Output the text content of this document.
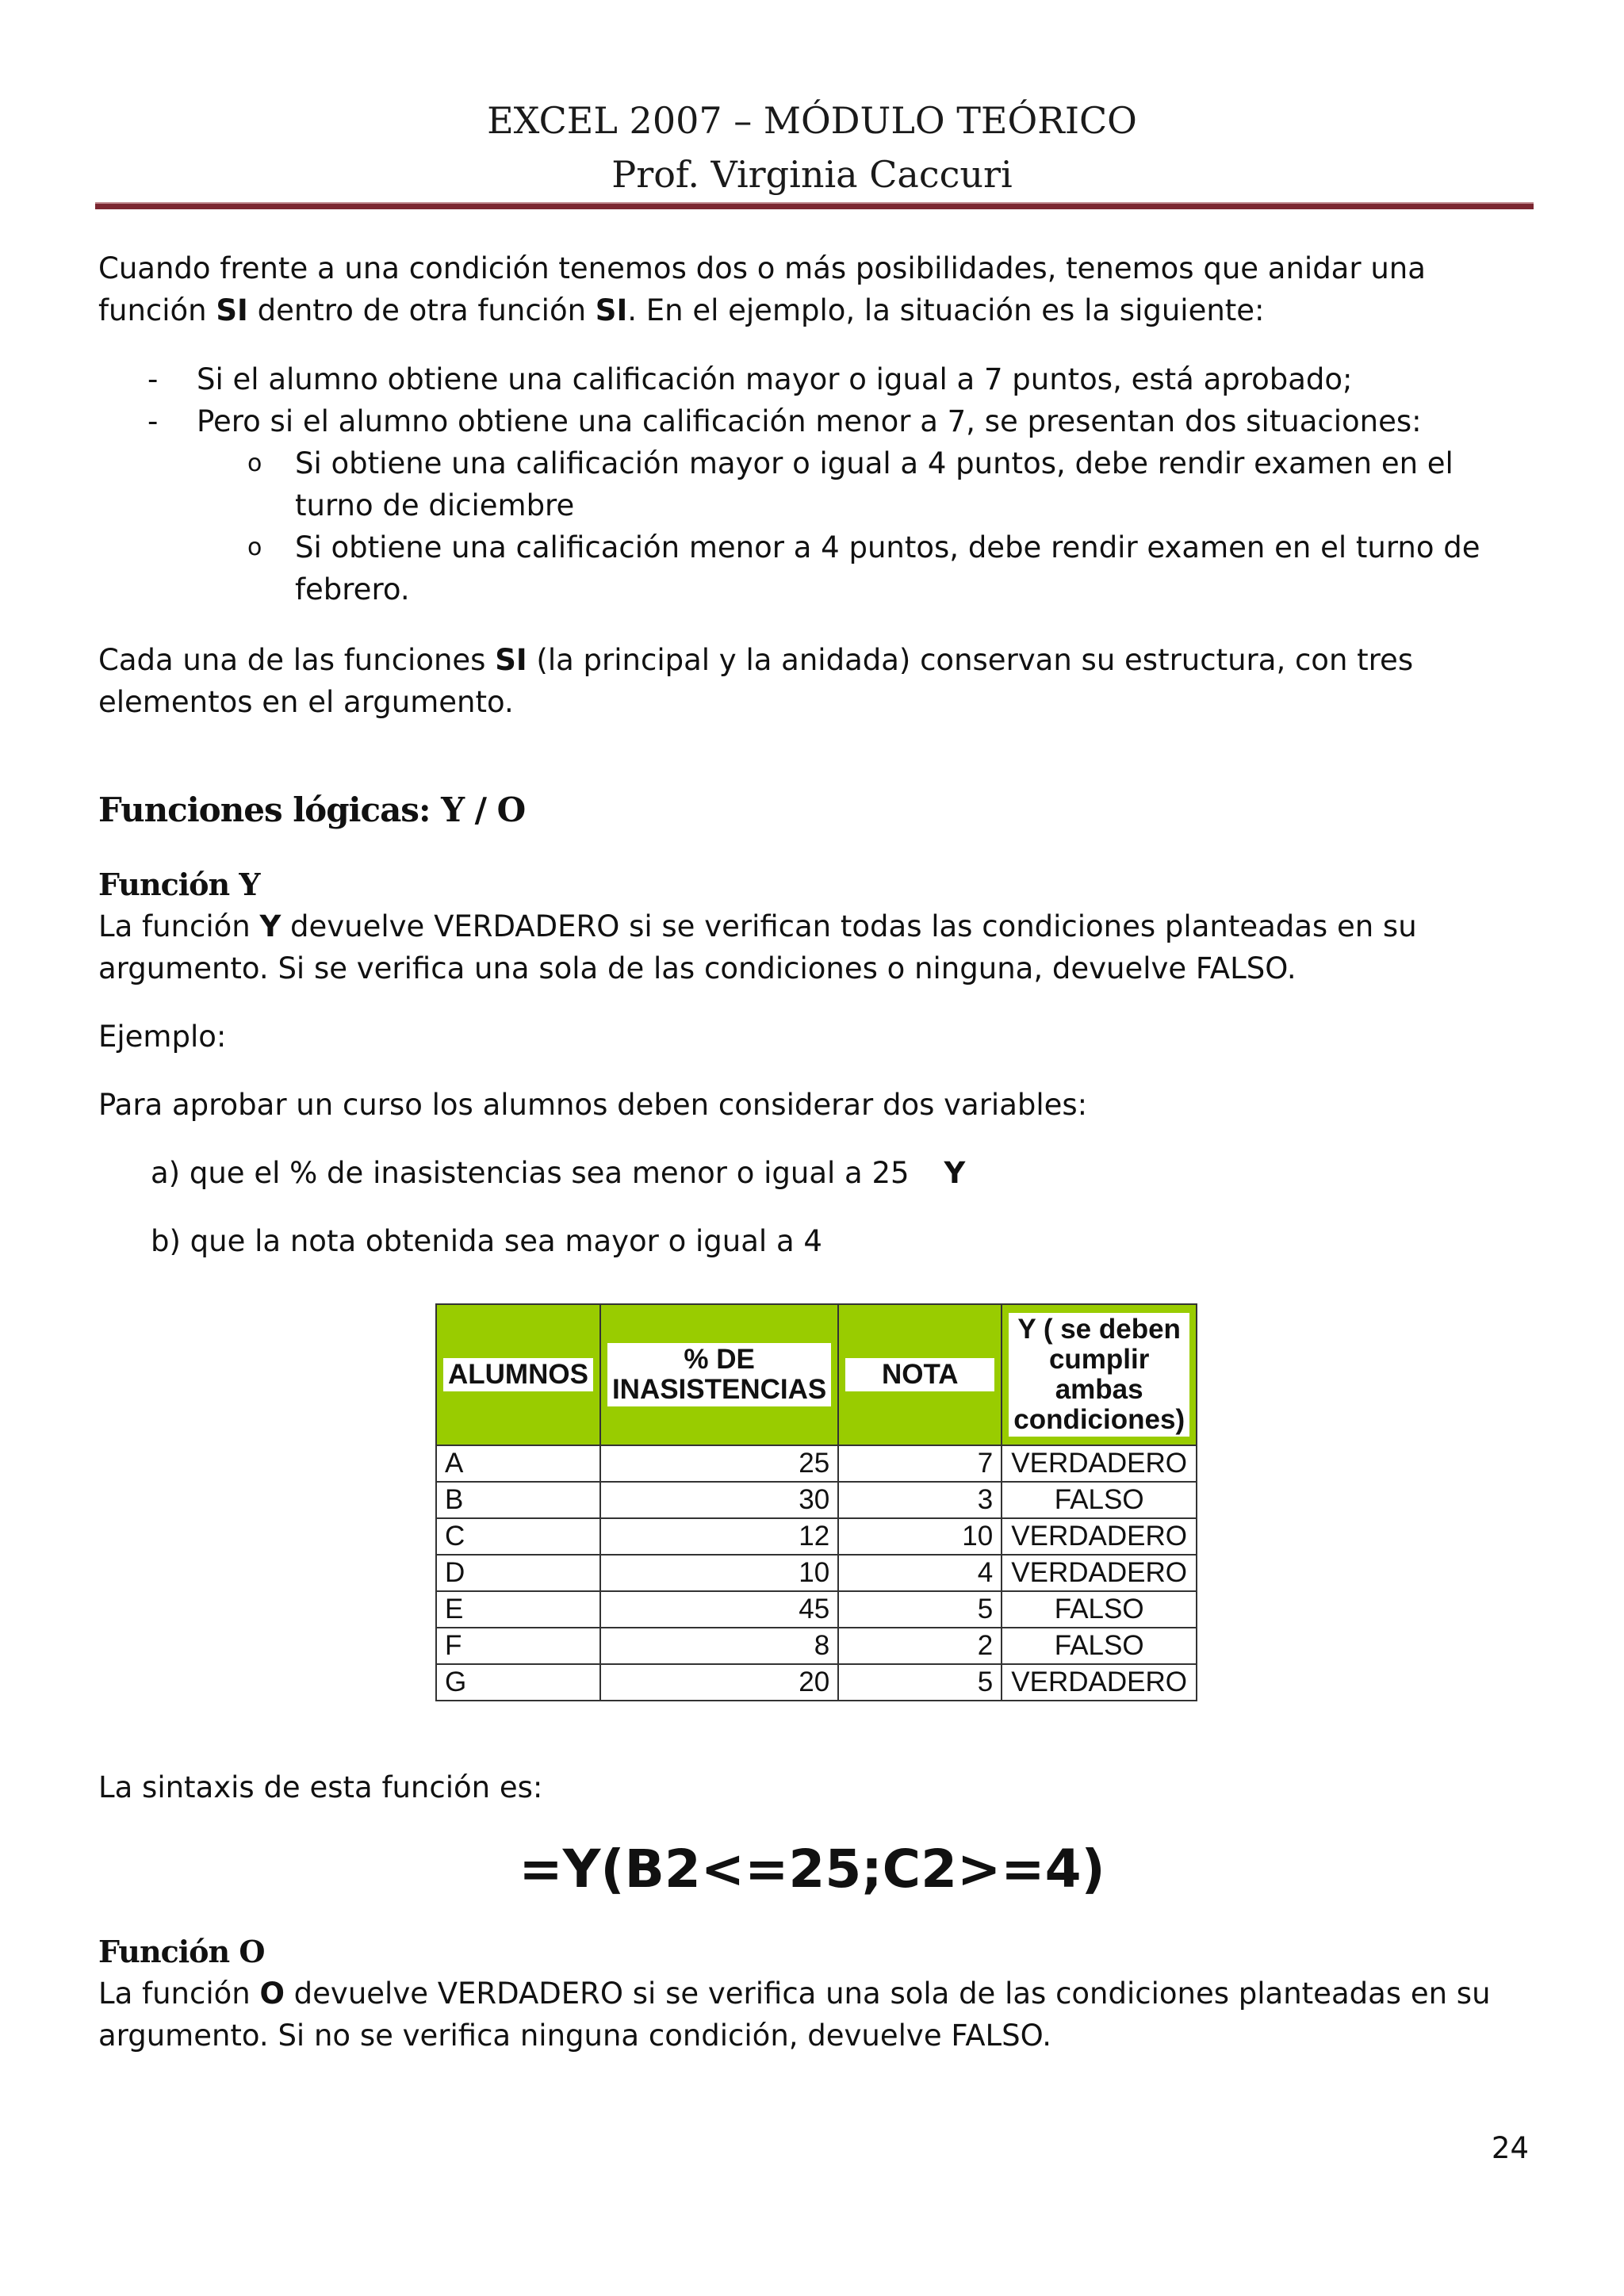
EXCEL 2007 – MÓDULO TEÓRICO
Prof. Virginia Caccuri

Cuando frente a una condición tenemos dos o más posibilidades, tenemos que anidar una función SI dentro de otra función SI. En el ejemplo, la situación es la siguiente:

- Si el alumno obtiene una calificación mayor o igual a 7 puntos, está aprobado;
- Pero si el alumno obtiene una calificación menor a 7, se presentan dos situaciones:
o Si obtiene una calificación mayor o igual a 4 puntos, debe rendir examen en el turno de diciembre
o Si obtiene una calificación menor a 4 puntos, debe rendir examen en el turno de febrero.

Cada una de las funciones SI (la principal y la anidada) conservan su estructura, con tres elementos en el argumento.

Funciones lógicas: Y / O
Función Y

La función Y devuelve VERDADERO si se verifican todas las condiciones planteadas en su argumento. Si se verifica una sola de las condiciones o ninguna, devuelve FALSO.

Ejemplo:

Para aprobar un curso los alumnos deben considerar dos variables:

a) que el % de inasistencias sea menor o igual a 25 Y

b) que la nota obtenida sea mayor o igual a 4

ALUMNOS	% DE INASISTENCIAS	NOTA	Y ( se deben cumplir ambas condiciones)

A	25	7	VERDADERO
B	30	3	FALSO
C	12	10	VERDADERO
D	10	4	VERDADERO
E	45	5	FALSO
F	8	2	FALSO
G	20	5	VERDADERO

La sintaxis de esta función es:

=Y(B2<=25;C2>=4)
Función O

La función O devuelve VERDADERO si se verifica una sola de las condiciones planteadas en su argumento. Si no se verifica ninguna condición, devuelve FALSO.

24
